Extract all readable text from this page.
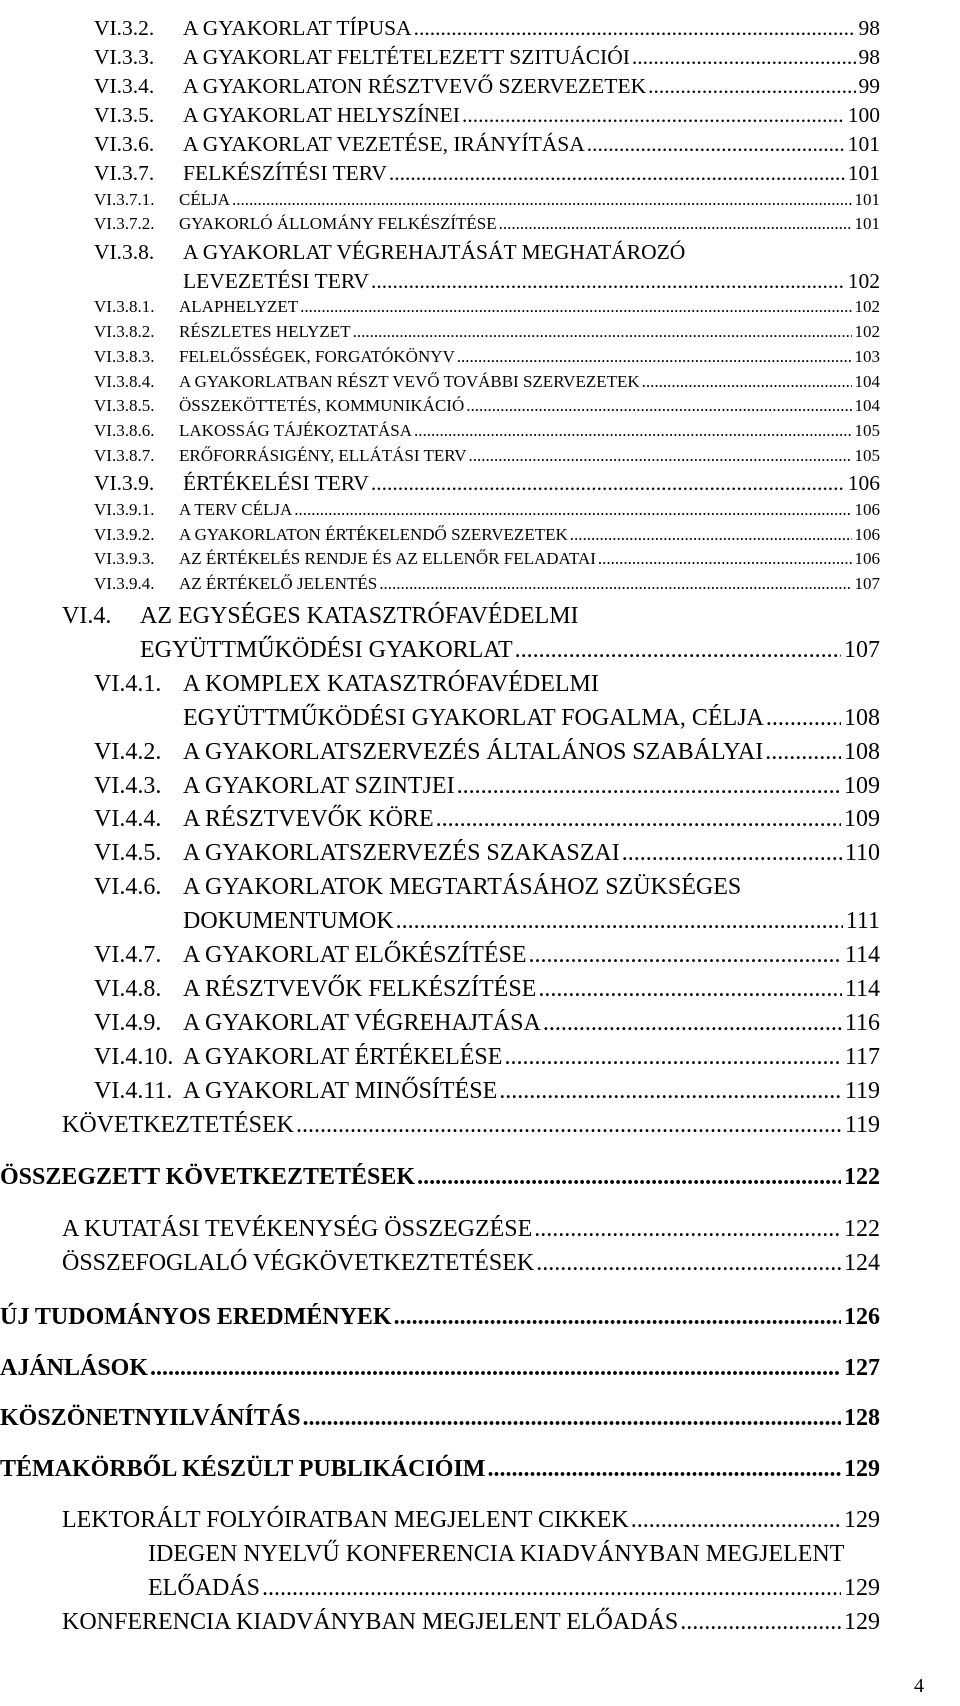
VI.3.2. A GYAKORLAT TÍPUSA	98
.....
VI.3.3. A GYAKORLAT FELTÉTELEZETT SZITUÁCIÓI	98
.....
VI.3.4. A GYAKORLATON RÉSZTVEVŐ SZERVEZETEK	99
.....
VI.3.5. A GYAKORLAT HELYSZÍNEI	100
.....
VI.3.6. A GYAKORLAT VEZETÉSE, IRÁNYÍTÁSA	101
.....
VI.3.7. FELKÉSZÍTÉSI TERV	101
.....
VI.3.7.1. CÉLJA	101
.....
VI.3.7.2. GYAKORLÓ ÁLLOMÁNY FELKÉSZÍTÉSE	101
.....
VI.3.8. A GYAKORLAT VÉGREHAJTÁSÁT MEGHATÁROZÓ
LEVEZETÉSI TERV	102
.....
VI.3.8.1. ALAPHELYZET	102
.....
VI.3.8.2. RÉSZLETES HELYZET	102
.....
VI.3.8.3. FELELŐSSÉGEK, FORGATÓKÖNYV	103
.....
VI.3.8.4. A GYAKORLATBAN RÉSZT VEVŐ TOVÁBBI SZERVEZETEK	104
.....
VI.3.8.5. ÖSSZEKÖTTETÉS, KOMMUNIKÁCIÓ	104
.....
VI.3.8.6. LAKOSSÁG TÁJÉKOZTATÁSA	105
.....
VI.3.8.7. ERŐFORRÁSIGÉNY, ELLÁTÁSI TERV	105
.....
VI.3.9. ÉRTÉKELÉSI TERV	106
.....
VI.3.9.1. A TERV CÉLJA	106
.....
VI.3.9.2. A GYAKORLATON ÉRTÉKELENDŐ SZERVEZETEK	106
.....
VI.3.9.3. AZ ÉRTÉKELÉS RENDJE ÉS AZ ELLENŐR FELADATAI	106
.....
VI.3.9.4. AZ ÉRTÉKELŐ JELENTÉS	107
.....
VI.4. AZ EGYSÉGES KATASZTRÓFAVÉDELMI
EGYÜTTMŰKÖDÉSI GYAKORLAT	107
.....
VI.4.1. A KOMPLEX KATASZTRÓFAVÉDELMI
EGYÜTTMŰKÖDÉSI GYAKORLAT FOGALMA, CÉLJA	108
.....
VI.4.2. A GYAKORLATSZERVEZÉS ÁLTALÁNOS SZABÁLYAI	108
.....
VI.4.3. A GYAKORLAT SZINTJEI	109
.....
VI.4.4. A RÉSZTVEVŐK KÖRE	109
.....
VI.4.5. A GYAKORLATSZERVEZÉS SZAKASZAI	110
.....
VI.4.6. A GYAKORLATOK MEGTARTÁSÁHOZ SZÜKSÉGES
DOKUMENTUMOK	111
.....
VI.4.7. A GYAKORLAT ELŐKÉSZÍTÉSE	114
.....
VI.4.8. A RÉSZTVEVŐK FELKÉSZÍTÉSE	114
.....
VI.4.9. A GYAKORLAT VÉGREHAJTÁSA	116
.....
VI.4.10. A GYAKORLAT ÉRTÉKELÉSE	117
.....
VI.4.11. A GYAKORLAT MINŐSÍTÉSE	119
.....
KÖVETKEZTETÉSEK	119
.....
ÖSSZEGZETT KÖVETKEZTETÉSEK	122
.....
A KUTATÁSI TEVÉKENYSÉG ÖSSZEGZÉSE	122
.....
ÖSSZEFOGLALÓ VÉGKÖVETKEZTETÉSEK	124
.....
ÚJ TUDOMÁNYOS EREDMÉNYEK	126
.....
AJÁNLÁSOK	127
.....
KÖSZÖNETNYILVÁNÍTÁS	128
.....
TÉMAKÖRBŐL KÉSZÜLT PUBLIKÁCIÓIM	129
.....
LEKTORÁLT FOLYÓIRATBAN MEGJELENT CIKKEK	129
.....
IDEGEN NYELVŰ KONFERENCIA KIADVÁNYBAN MEGJELENT
ELŐADÁS	129
.....
KONFERENCIA KIADVÁNYBAN MEGJELENT ELŐADÁS	129
.....
4
